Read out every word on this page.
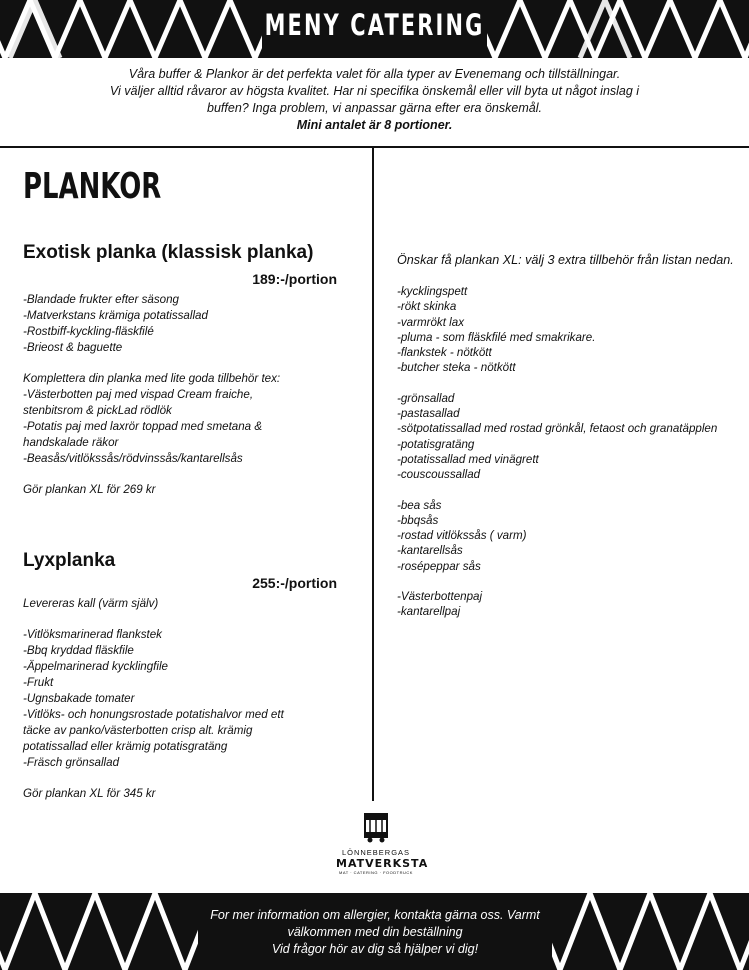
MENY CATERING
Våra buffer & Plankor är det perfekta valet för alla typer av Evenemang och tillställningar.
Vi väljer alltid råvaror av högsta kvalitet. Har ni specifika önskemål eller vill byta ut något inslag i
buffen? Inga problem, vi anpassar gärna efter era önskemål.
Mini antalet är 8 portioner.
PLANKOR
Exotisk planka (klassisk planka)
189:-/portion
-Blandade frukter efter säsong
-Matverkstans krämiga potatissallad
-Rostbiff-kyckling-fläskfilé
-Brieost & baguette
Komplettera din planka med lite goda tillbehör tex:
-Västerbotten paj med vispad Cream fraiche,
stenbitsrom & pickLad rödlök
-Potatis paj med laxrör toppad med smetana &
handskalade räkor
-Beasås/vitlökssås/rödvinssås/kantarellsås
Gör plankan XL för 269 kr
Lyxplanka
255:-/portion
Levereras kall (värm själv)
-Vitlöksmarinerad flankstek
-Bbq kryddad fläskfile
-Äppelmarinerad kycklingfile
-Frukt
-Ugnsbakade tomater
-Vitlöks- och honungsrostade potatishalvor med ett
täcke av panko/västerbotten crisp alt. krämig
potatissallad eller krämig potatisgratäng
-Fräsch grönsallad
Gör plankan XL för 345 kr
Önskar få plankan XL: välj 3 extra tillbehör från listan nedan.
-kycklingspett
-rökt skinka
-varmrökt lax
-pluma - som fläskfilé med smakrikare.
-flankstek - nötkött
-butcher steka - nötkött
-grönsallad
-pastasallad
-sötpotatissallad med rostad grönkål, fetaost och granatäpplen
-potatisgratäng
-potatissallad med vinägrett
-couscoussallad
-bea sås
-bbqsås
-rostad vitlökssås ( varm)
-kantarellsås
-rosépeppar sås
-Västerbottenpaj
-kantarellpaj
LÖNNEBERGAS
MATVERKSTA
MAT · CATERING · FOODTRUCK
For mer information om allergier, kontakta gärna oss. Varmt
välkommen med din beställning
Vid frågor hör av dig så hjälper vi dig!
